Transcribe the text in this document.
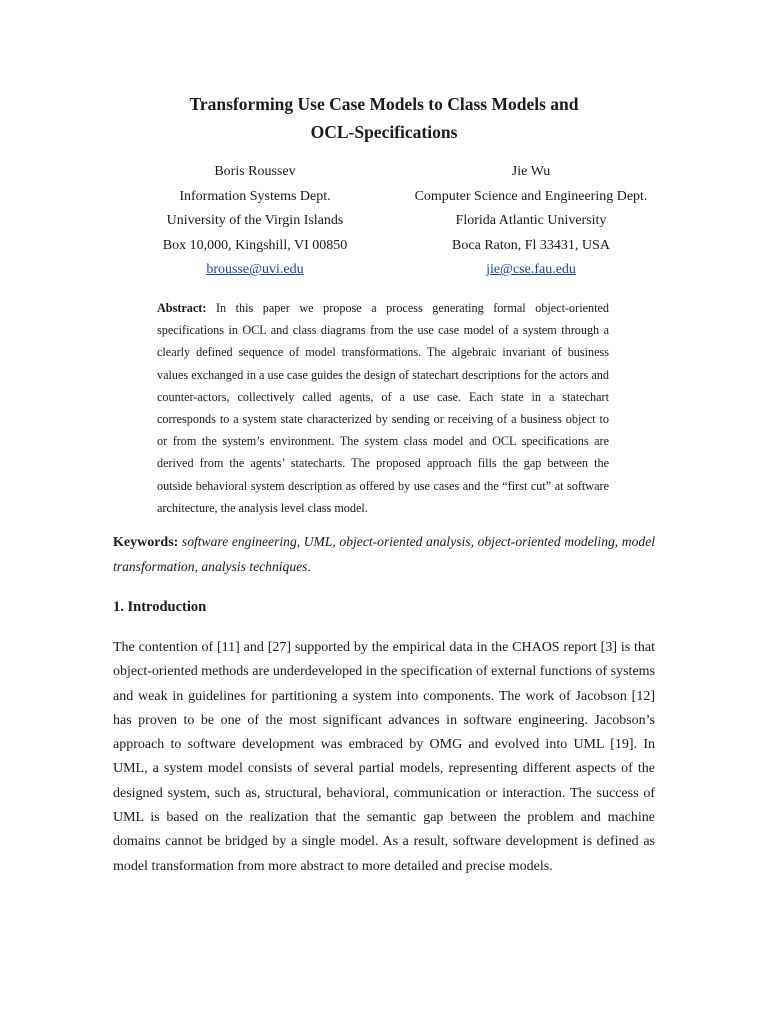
Transforming Use Case Models to Class Models and
OCL-Specifications
Boris Roussev
Information Systems Dept.
University of the Virgin Islands
Box 10,000, Kingshill, VI 00850
brousse@uvi.edu
Jie Wu
Computer Science and Engineering Dept.
Florida Atlantic University
Boca Raton, Fl 33431, USA
jie@cse.fau.edu
Abstract: In this paper we propose a process generating formal object-oriented specifications in OCL and class diagrams from the use case model of a system through a clearly defined sequence of model transformations. The algebraic invariant of business values exchanged in a use case guides the design of statechart descriptions for the actors and counter-actors, collectively called agents, of a use case. Each state in a statechart corresponds to a system state characterized by sending or receiving of a business object to or from the system’s environment. The system class model and OCL specifications are derived from the agents’ statecharts. The proposed approach fills the gap between the outside behavioral system description as offered by use cases and the “first cut” at software architecture, the analysis level class model.
Keywords: software engineering, UML, object-oriented analysis, object-oriented modeling, model transformation, analysis techniques.
1. Introduction
The contention of [11] and [27] supported by the empirical data in the CHAOS report [3] is that object-oriented methods are underdeveloped in the specification of external functions of systems and weak in guidelines for partitioning a system into components. The work of Jacobson [12] has proven to be one of the most significant advances in software engineering. Jacobson’s approach to software development was embraced by OMG and evolved into UML [19]. In UML, a system model consists of several partial models, representing different aspects of the designed system, such as, structural, behavioral, communication or interaction. The success of UML is based on the realization that the semantic gap between the problem and machine domains cannot be bridged by a single model. As a result, software development is defined as model transformation from more abstract to more detailed and precise models.
